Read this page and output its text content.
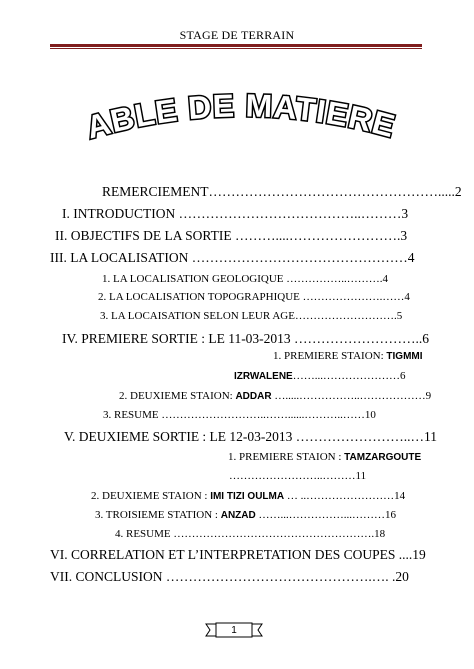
STAGE DE TERRAIN
BLE DE MATIERE
REMERCIEMENT…………………………………………….....2
I. INTRODUCTION …………………………………..………3
II. OBJECTIFS DE LA SORTIE ………....…………………….3
III. LA LOCALISATION …………………………………………4
1. LA LOCALISATION GEOLOGIQUE ……………..……….4
2. LA LOCALISATION TOPOGRAPHIQUE ………………….……4
3. LA LOCAISATION SELON LEUR AGE……………………….5
IV. PREMIERE SORTIE : LE 11-03-2013 ………………………..6
1. PREMIERE STAION: TIGMMI
IZRWALENE……...…………………6
2. DEUXIEME STAION: ADDAR ….....……………..………………9
3. RESUME ………………………..……......………..……10
V. DEUXIEME SORTIE : LE 12-03-2013 ……………………..…11
1. PREMIERE STAION : TAMZARGOUTE
……………………..………11
2. DEUXIEME STAION : IMI TIZI OULMA … ..……………………14
3. TROISIEME STATION : ANZAD ……...……………...………16
4. RESUME ……………………………………………….18
VI. CORRELATION ET L’INTERPRETATION DES COUPES ....19
VII. CONCLUSION ……………………………………….…. .20
1
